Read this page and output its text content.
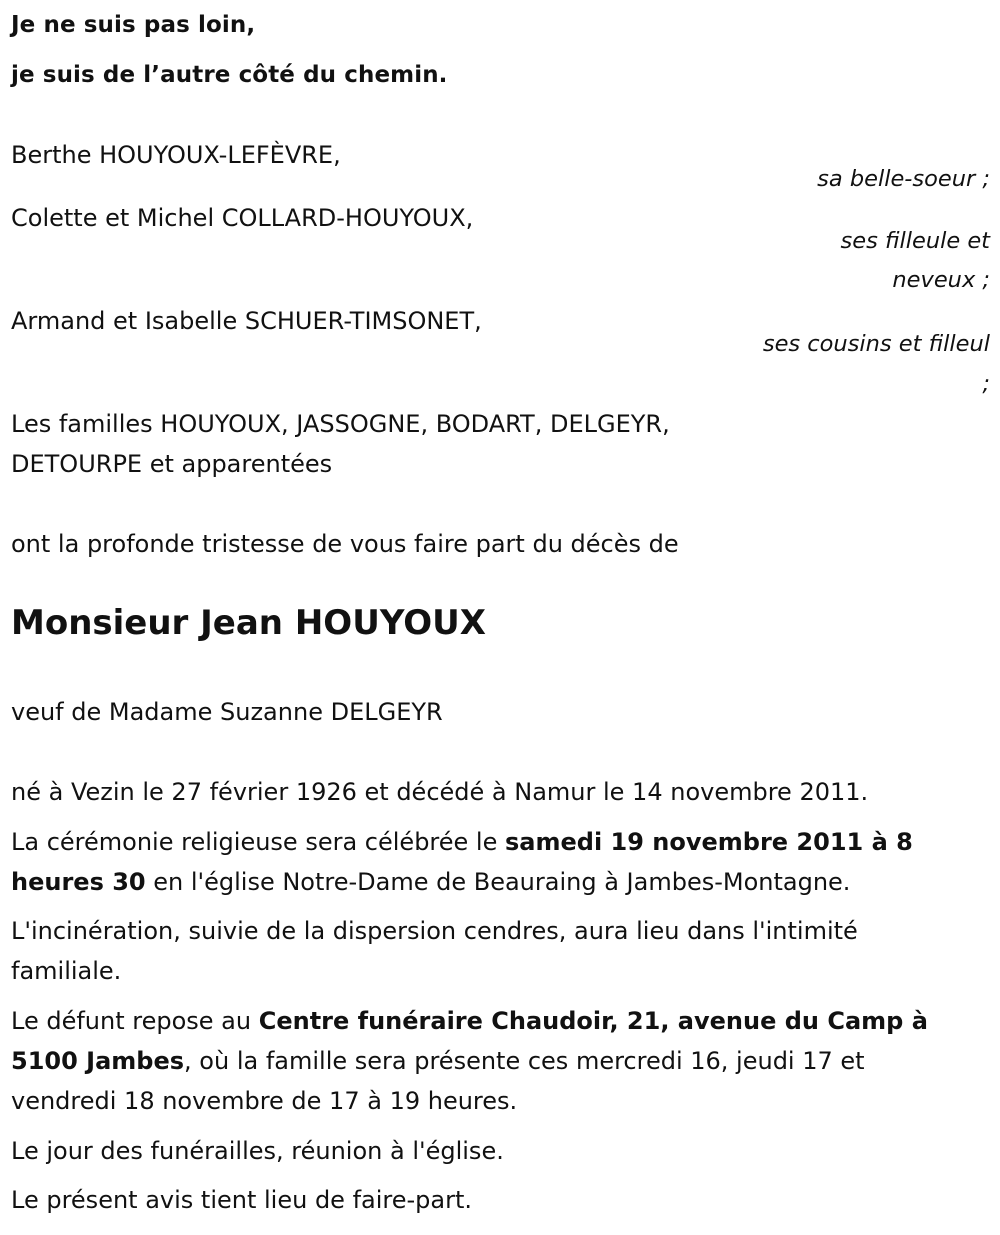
Je ne suis pas loin,
je suis de l’autre côté du chemin.
Berthe HOUYOUX-LEFÈVRE,
sa belle-soeur ;
Colette et Michel COLLARD-HOUYOUX,
ses filleule et
neveux ;
Armand et Isabelle SCHUER-TIMSONET,
ses cousins et filleul
;
Les familles HOUYOUX, JASSOGNE, BODART, DELGEYR,
DETOURPE et apparentées
ont la profonde tristesse de vous faire part du décès de
Monsieur Jean HOUYOUX
veuf de Madame Suzanne DELGEYR
né à Vezin le 27 février 1926 et décédé à Namur le 14 novembre 2011.
La cérémonie religieuse sera célébrée le samedi 19 novembre 2011 à 8
heures 30 en l'église Notre-Dame de Beauraing à Jambes-Montagne.
L'incinération, suivie de la dispersion cendres, aura lieu dans l'intimité
familiale.
Le défunt repose au Centre funéraire Chaudoir, 21, avenue du Camp à
5100 Jambes, où la famille sera présente ces mercredi 16, jeudi 17 et
vendredi 18 novembre de 17 à 19 heures.
Le jour des funérailles, réunion à l'église.
Le présent avis tient lieu de faire-part.
